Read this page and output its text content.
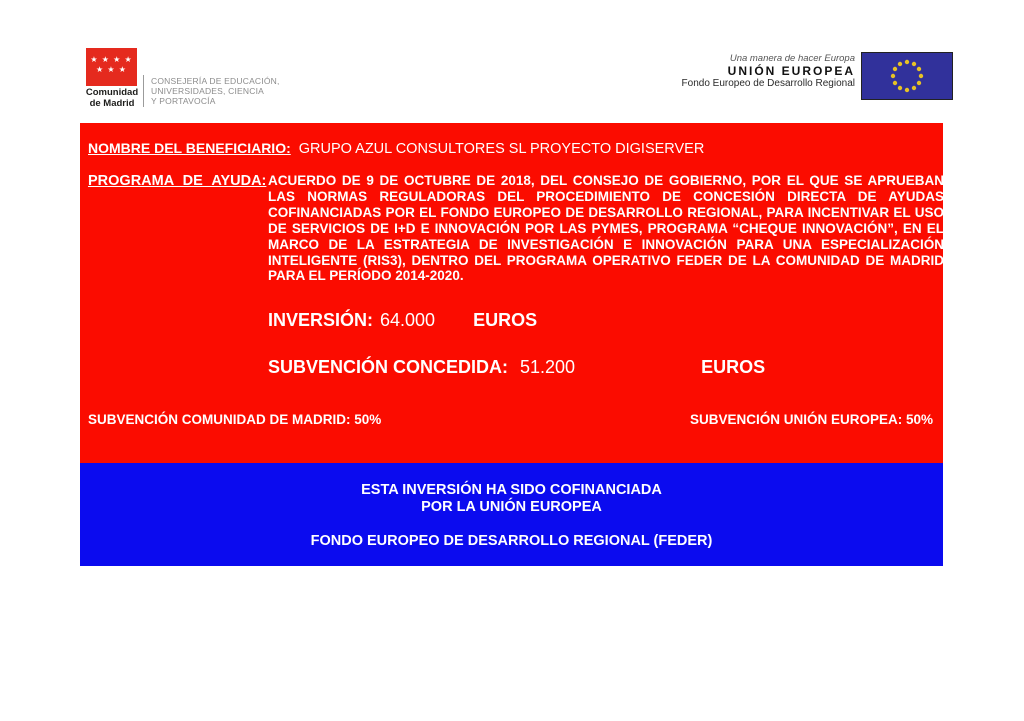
★ ★ ★ ★
★ ★ ★
Comunidad
de Madrid
CONSEJERÍA DE EDUCACIÓN,
UNIVERSIDADES, CIENCIA
Y PORTAVOCÍA
Una manera de hacer Europa
UNIÓN EUROPEA
Fondo Europeo de Desarrollo Regional
NOMBRE DEL BENEFICIARIO: GRUPO AZUL CONSULTORES SL PROYECTO DIGISERVER
PROGRAMA DE AYUDA: ACUERDO DE 9 DE OCTUBRE DE 2018, DEL CONSEJO DE GOBIERNO, POR EL QUE SE APRUEBAN LAS NORMAS REGULADORAS DEL PROCEDIMIENTO DE CONCESIÓN DIRECTA DE AYUDAS COFINANCIADAS POR EL FONDO EUROPEO DE DESARROLLO REGIONAL, PARA INCENTIVAR EL USO DE SERVICIOS DE I+D E INNOVACIÓN POR LAS PYMES, PROGRAMA “CHEQUE INNOVACIÓN”, EN EL MARCO DE LA ESTRATEGIA DE INVESTIGACIÓN E INNOVACIÓN PARA UNA ESPECIALIZACIÓN INTELIGENTE (RIS3), DENTRO DEL PROGRAMA OPERATIVO FEDER DE LA COMUNIDAD DE MADRID PARA EL PERÍODO 2014-2020.
INVERSIÓN: 64.000 EUROS
SUBVENCIÓN CONCEDIDA: 51.200	EUROS
SUBVENCIÓN COMUNIDAD DE MADRID: 50%	SUBVENCIÓN UNIÓN EUROPEA: 50%
ESTA INVERSIÓN HA SIDO COFINANCIADA
POR LA UNIÓN EUROPEA
FONDO EUROPEO DE DESARROLLO REGIONAL (FEDER)
